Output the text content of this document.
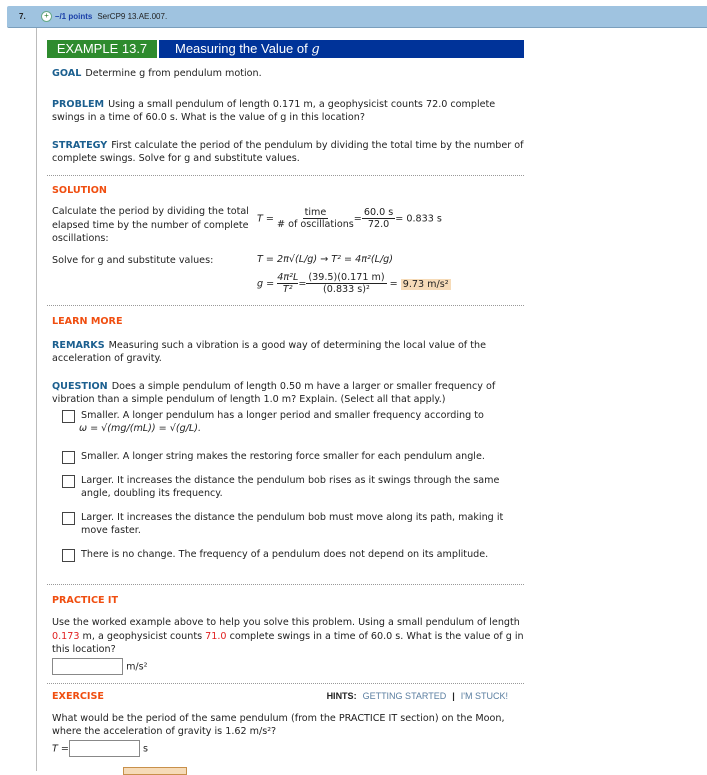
7.	+ –/1 points SerCP9 13.AE.007.
EXAMPLE 13.7	Measuring the Value of g

GOAL Determine g from pendulum motion.

PROBLEM Using a small pendulum of length 0.171 m, a geophysicist counts 72.0 complete swings in a time of 60.0 s. What is the value of g in this location?

STRATEGY First calculate the period of the pendulum by dividing the total time by the number of complete swings. Solve for g and substitute values.

SOLUTION

Calculate the period by dividing the total elapsed time by the number of complete oscillations:

$T = \frac{\text{time}}{\text{\# of oscillations}} = \frac{60.0 s}{72.0} = 0.833$ s

Solve for g and substitute values:	T = 2π√(L/g) → T² = 4π²(L/g)
$g = \frac{\text{4π²L}}{\text{T²}} = \frac{(39.5)(0.171 m)}{\text{(0.833 s)²}} = 9.73$ m/s²

LEARN MORE

REMARKS Measuring such a vibration is a good way of determining the local value of the acceleration of gravity.

QUESTION Does a simple pendulum of length 0.50 m have a larger or smaller frequency of vibration than a simple pendulum of length 1.0 m? Explain. (Select all that apply.)

Smaller. A longer pendulum has a longer period and smaller frequency according to
ω = √(mg/(mL)) = √(g/L).

Smaller. A longer string makes the restoring force smaller for each pendulum angle.

Larger. It increases the distance the pendulum bob rises as it swings through the same angle, doubling its frequency.

Larger. It increases the distance the pendulum bob must move along its path, making it move faster.

There is no change. The frequency of a pendulum does not depend on its amplitude.

PRACTICE IT

Use the worked example above to help you solve this problem. Using a small pendulum of length 0.173 m, a geophysicist counts 71.0 complete swings in a time of 60.0 s. What is the value of g in this location?

m/s²
EXERCISE	HINTS: GETTING STARTED | I'M STUCK!

What would be the period of the same pendulum (from the PRACTICE IT section) on the Moon, where the acceleration of gravity is 1.62 m/s²?

T =	s
